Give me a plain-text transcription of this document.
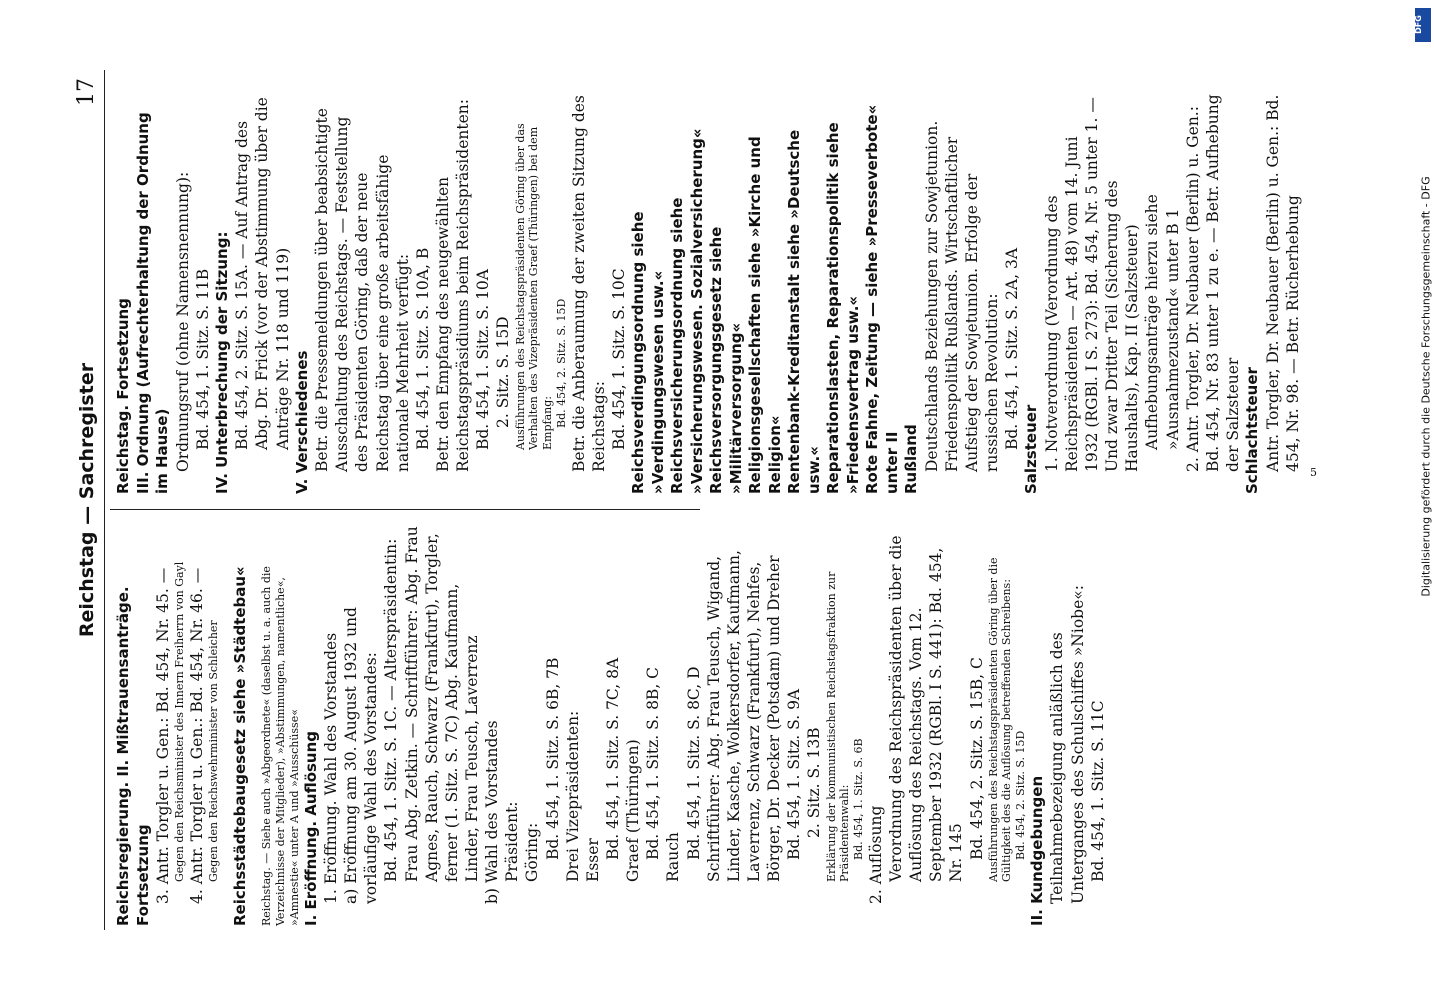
Reichstag — Sachregister
17
Reichsregierung. II. Mißtrauensanträge. Fortsetzung 3. Antr. Torgler u. Gen.: Bd. 454, Nr. 45. — Gegen den Reichsminister des Innern Freiherrn von Gayl 4. Antr. Torgler u. Gen.: Bd. 454, Nr. 46. — Gegen den Reichswehrminister von Schleicher Reichsstädtebaugesetz siehe »Städtebau« Reichstag. — Siehe auch »Abgeordnete« (daselbst u. a. auch die Verzeichnisse der Mitglieder), »Abstimmungen, namentliche«, »Amnestie« unter A und »Ausschüsse« I. Eröffnung. Auflösung 1. Eröffnung. Wahl des Vorstandes a) Eröffnung am 30. August 1932 und vorläufige Wahl des Vorstandes: Bd. 454, 1. Sitz. S. 1C. — Alterspräsidentin: Frau Abg. Zetkin. — Schriftführer: Abg. Frau Agnes, Rauch, Schwarz (Frankfurt), Torgler, ferner (1. Sitz. S. 7C) Abg. Kaufmann, Linder, Frau Teusch, Laverrenz b) Wahl des Vorstandes Präsident: Göring: Bd. 454, 1. Sitz. S. 6B, 7B Drei Vizepräsidenten: Esser
Bd. 454, 1. Sitz. S. 7C, 8A Graef (Thüringen) Bd. 454, 1. Sitz. S. 8B, C Rauch Bd. 454, 1. Sitz. S. 8C, D Schriftführer: Abg. Frau Teusch, Wigand, Linder, Kasche, Wolkersdorfer, Kaufmann, Laverrenz, Schwarz (Frankfurt), Nehfes, Börger, Dr. Decker (Potsdam) und Dreher Bd. 454, 1. Sitz. S. 9A 2. Sitz. S. 13B Erklärung der kommunistischen Reichstagsfraktion zur Präsidentenwahl: Bd. 454, 1. Sitz. S. 6B 2. Auflösung Verordnung des Reichspräsidenten über die Auflösung des Reichstags. Vom 12. September 1932 (RGBl. I S. 441): Bd. 454, Nr. 145 Bd. 454, 2. Sitz. S. 15B, C Ausführungen des Reichstagspräsidenten Göring über die Gültigkeit des die Auflösung betreffenden Schreibens: Bd. 454, 2. Sitz. S. 15D II. Kundgebungen Teilnahmebezeigung anläßlich des Unterganges des Schulschiffes »Niobe«: Bd. 454, 1. Sitz. S. 11C
Reichstag. Fortsetzung III. Ordnung (Aufrechterhaltung der Ordnung im Hause) Ordnungsruf (ohne Namensnennung): Bd. 454, 1. Sitz. S. 11B IV. Unterbrechung der Sitzung: Bd. 454, 2. Sitz. S. 15A. — Auf Antrag des Abg. Dr. Frick (vor der Abstimmung über die Anträge Nr. 118 und 119) V. Verschiedenes Betr. die Pressemeldungen über beabsichtigte Ausschaltung des Reichstags. — Feststellung des Präsidenten Göring, daß der neue Reichstag über eine große arbeitsfähige nationale Mehrheit verfügt: Bd. 454, 1. Sitz. S. 10A, B Betr. den Empfang des neugewählten Reichstagspräsidiums beim Reichspräsidenten: Bd. 454, 1. Sitz. S. 10A 2. Sitz. S. 15D Ausführungen des Reichstagspräsidenten Göring über das Verhalten des Vizepräsidenten Graef (Thüringen) bei dem Empfang: Bd. 454, 2. Sitz. S. 15D Betr. die Anberaumung der zweiten Sitzung des Reichstags: Bd. 454, 1. Sitz. S. 10C Reichsverdingungsordnung siehe »Verdingungswesen usw.« Reichsversicherungsordnung siehe »Versicherungswesen. Sozialversicherung« Reichsversorgungsgesetz siehe »Militärversorgung« Religionsgesellschaften siehe »Kirche und Religion« Rentenbank-Kreditanstalt siehe »Deutsche usw.« Reparationslasten, Reparationspolitik siehe »Friedensvertrag usw.« Rote Fahne, Zeitung — siehe »Presseverbote« unter II Rußland Deutschlands Beziehungen zur Sowjetunion. Friedenspolitik Rußlands. Wirtschaftlicher Aufstieg der Sowjetunion. Erfolge der russischen Revolution: Bd. 454, 1. Sitz. S. 2A, 3A Salzsteuer 1. Notverordnung (Verordnung des Reichspräsidenten — Art. 48) vom 14. Juni 1932 (RGBl. I S. 273): Bd. 454, Nr. 5 unter 1. — Und zwar Dritter Teil (Sicherung des Haushalts), Kap. II (Salzsteuer) Aufhebungsanträge hierzu siehe »Ausnahmezustand« unter B 1 2. Antr. Torgler, Dr. Neubauer (Berlin) u. Gen.: Bd. 454, Nr. 83 unter 1 zu e. — Betr. Aufhebung der Salzsteuer Schlachtsteuer Antr. Torgler, Dr. Neubauer (Berlin) u. Gen.: Bd. 454, Nr. 98. — Betr. Rücherhebung
5
DFG
Digitalisierung gefördert durch die Deutsche Forschungsgemeinschaft - DFG
